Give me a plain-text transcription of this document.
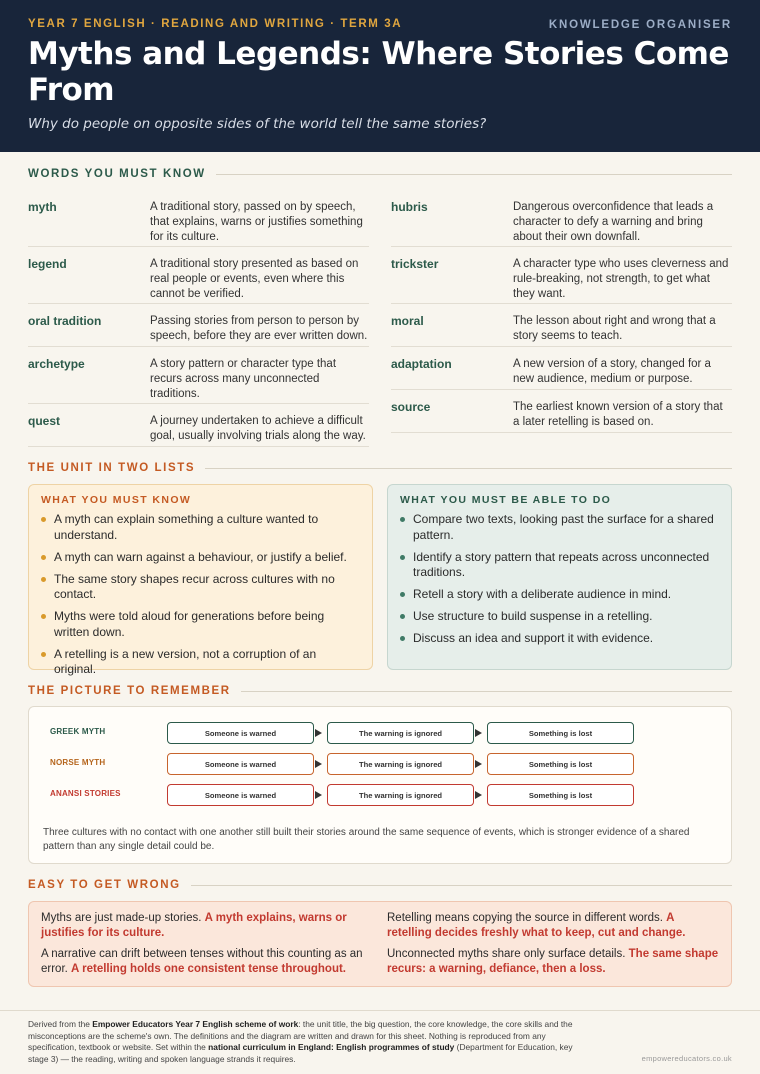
YEAR 7 ENGLISH · READING AND WRITING · TERM 3A	KNOWLEDGE ORGANISER
Myths and Legends: Where Stories Come From
Why do people on opposite sides of the world tell the same stories?
WORDS YOU MUST KNOW
myth	A traditional story, passed on by speech, that explains, warns or justifies something for its culture.
legend	A traditional story presented as based on real people or events, even where this cannot be verified.
oral tradition	Passing stories from person to person by speech, before they are ever written down.
archetype	A story pattern or character type that recurs across many unconnected traditions.
quest	A journey undertaken to achieve a difficult goal, usually involving trials along the way.
hubris	Dangerous overconfidence that leads a character to defy a warning and bring about their own downfall.
trickster	A character type who uses cleverness and rule-breaking, not strength, to get what they want.
moral	The lesson about right and wrong that a story seems to teach.
adaptation	A new version of a story, changed for a new audience, medium or purpose.
source	The earliest known version of a story that a later retelling is based on.
THE UNIT IN TWO LISTS
WHAT YOU MUST KNOW
A myth can explain something a culture wanted to understand.
A myth can warn against a behaviour, or justify a belief.
The same story shapes recur across cultures with no contact.
Myths were told aloud for generations before being written down.
A retelling is a new version, not a corruption of an original.
WHAT YOU MUST BE ABLE TO DO
Compare two texts, looking past the surface for a shared pattern.
Identify a story pattern that repeats across unconnected traditions.
Retell a story with a deliberate audience in mind.
Use structure to build suspense in a retelling.
Discuss an idea and support it with evidence.
THE PICTURE TO REMEMBER
GREEK MYTH	Someone is warned	The warning is ignored	Something is lost
NORSE MYTH	Someone is warned	The warning is ignored	Something is lost
ANANSI STORIES	Someone is warned	The warning is ignored	Something is lost
Three cultures with no contact with one another still built their stories around the same sequence of events, which is stronger evidence of a shared pattern than any single detail could be.
EASY TO GET WRONG

Myths are just made-up stories. A myth explains, warns or justifies for its culture.

A narrative can drift between tenses without this counting as an error. A retelling holds one consistent tense throughout.

Retelling means copying the source in different words. A retelling decides freshly what to keep, cut and change.

Unconnected myths share only surface details. The same shape recurs: a warning, defiance, then a loss.

Derived from the Empower Educators Year 7 English scheme of work: the unit title, the big question, the core knowledge, the core skills and the misconceptions are the scheme's own. The definitions and the diagram are written and drawn for this sheet. Nothing is reproduced from any specification, textbook or website. Set within the national curriculum in England: English programmes of study (Department for Education, key stage 3) — the reading, writing and spoken language strands it requires.	empowereducators.co.uk
